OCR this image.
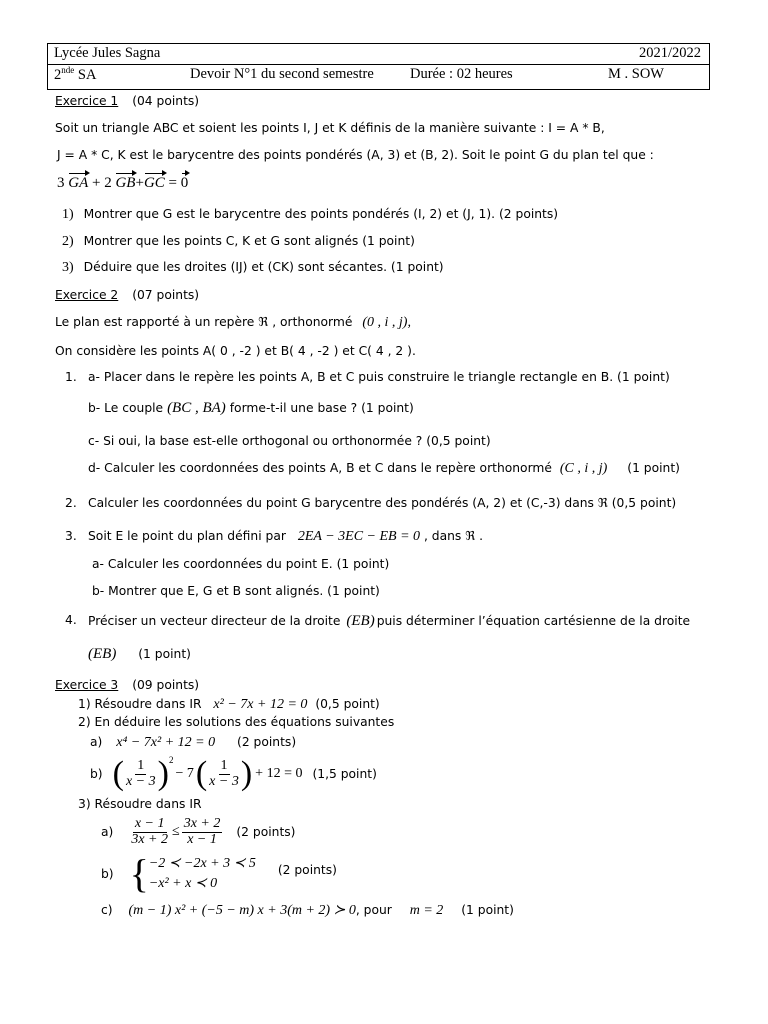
Lycée Jules Sagna	2021/2022
2nde SA	Devoir N°1 du second semestre Durée : 02 heures	M . SOW
Exercice 1 (04 points)
Soit un triangle ABC et soient les points I, J et K définis de la manière suivante : I = A * B,
J = A * C, K est le barycentre des points pondérés (A, 3) et (B, 2). Soit le point G du plan tel que :
3 GA + 2 GB+GC = 0
1) Montrer que G est le barycentre des points pondérés (I, 2) et (J, 1). (2 points)
2) Montrer que les points C, K et G sont alignés (1 point)
3) Déduire que les droites (IJ) et (CK) sont sécantes. (1 point)
Exercice 2 (07 points)
Le plan est rapporté à un repère ℜ , orthonormé (0 , i , j),
On considère les points A( 0 , -2 ) et B( 4 , -2 ) et C( 4 , 2 ).
1. a- Placer dans le repère les points A, B et C puis construire le triangle rectangle en B. (1 point)
b- Le couple (BC , BA) forme-t-il une base ? (1 point)
c- Si oui, la base est-elle orthogonal ou orthonormée ? (0,5 point)
d- Calculer les coordonnées des points A, B et C dans le repère orthonormé (C , i , j) (1 point)
2. Calculer les coordonnées du point G barycentre des pondérés (A, 2) et (C,-3) dans ℜ (0,5 point)
3. Soit E le point du plan défini par 2EA − 3EC − EB = 0 , dans ℜ .
a- Calculer les coordonnées du point E. (1 point)
b- Montrer que E, G et B sont alignés. (1 point)
4. Préciser un vecteur directeur de la droite (EB) puis déterminer l’équation cartésienne de la droite
(EB) (1 point)
Exercice 3 (09 points)
1) Résoudre dans IR x² − 7x + 12 = 0 (0,5 point)
2) En déduire les solutions des équations suivantes
a) x⁴ − 7x² + 12 = 0 (2 points)
b) ( $\frac{1}{x - 3} )^2$
− 7 ( $\frac{1}{x - 3}$ ) + 12 = 0 (1,5 point)
3) Résoudre dans IR
$a) \frac{x - 1}{3x + 2} \le \frac{3x + 2}{x - 1} (2$ points)
b) { −2 ≺ −2x + 3 ≺ 5
−x² + x ≺ 0
(2 points)
c) (m − 1) x² + (−5 − m) x + 3(m + 2) ≻ 0, pour m = 2 (1 point)
